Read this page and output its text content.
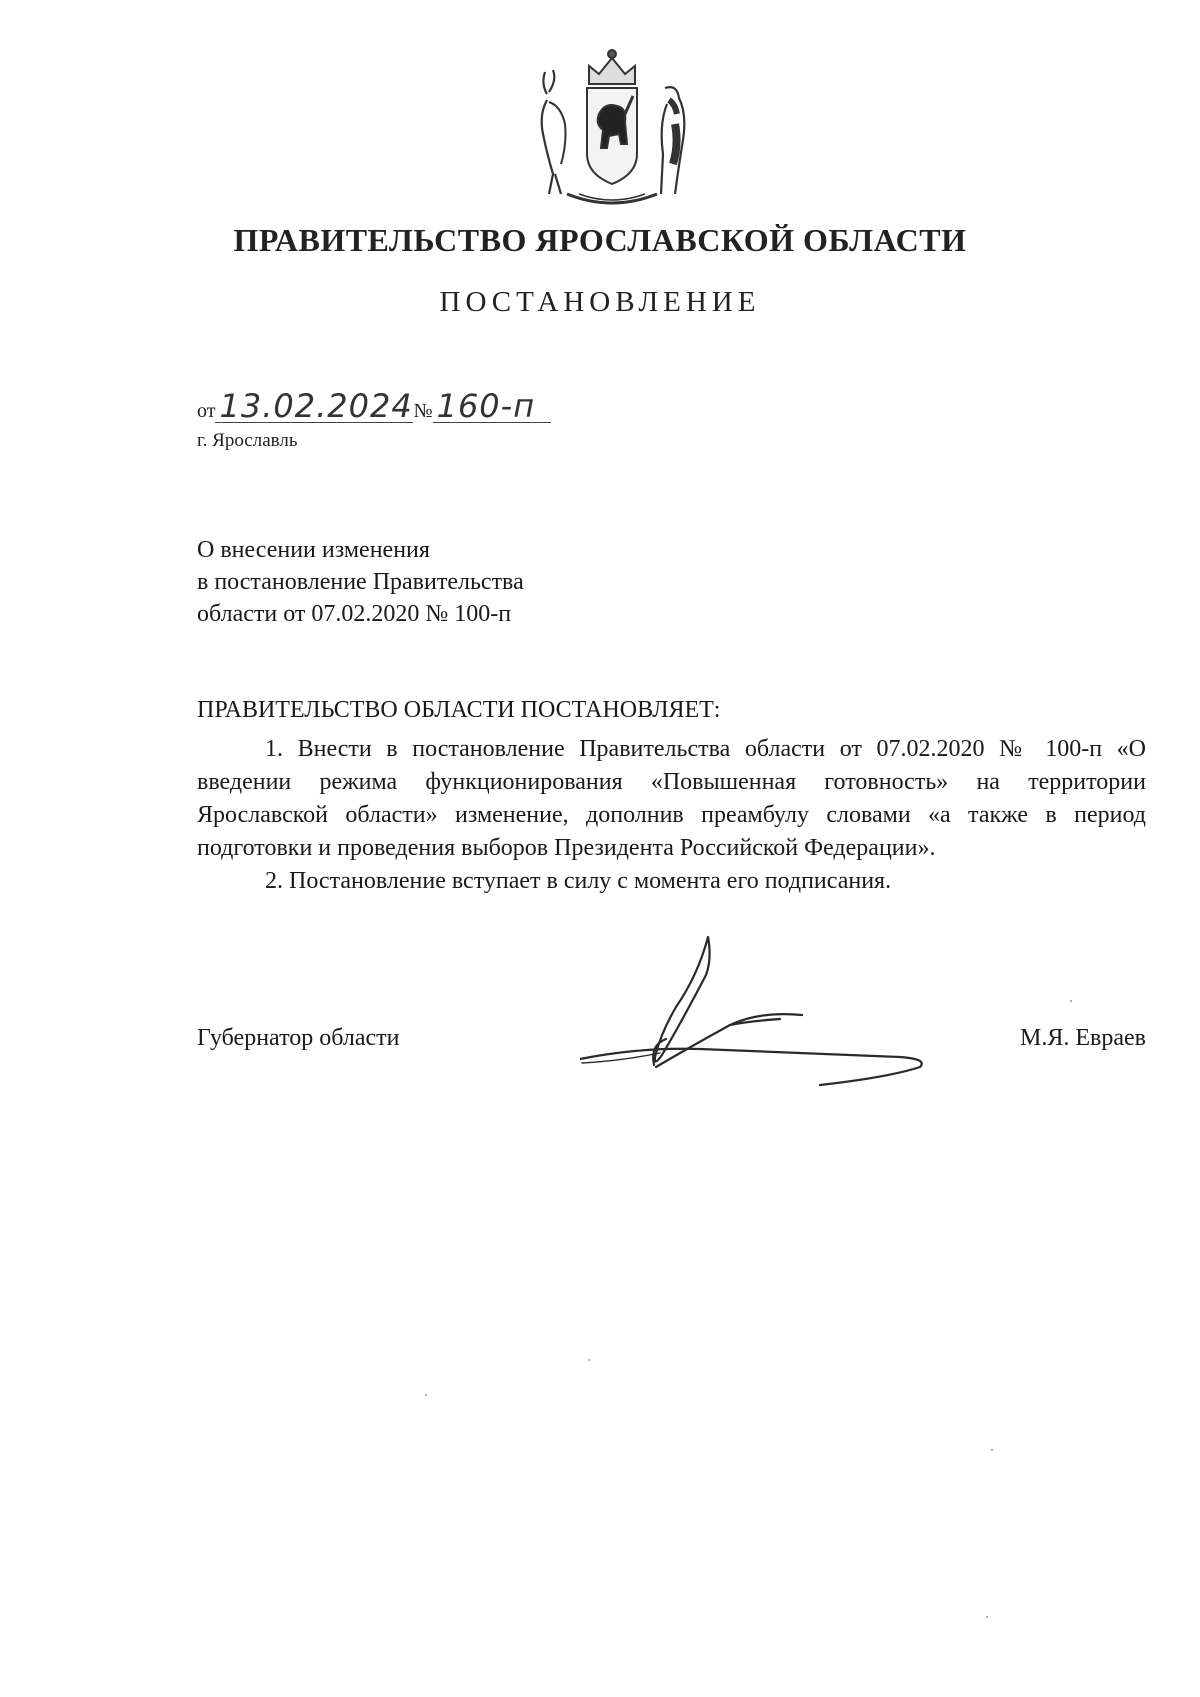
ПРАВИТЕЛЬСТВО ЯРОСЛАВСКОЙ ОБЛАСТИ
ПОСТАНОВЛЕНИЕ
от 13.02.2024№ 160-п
г. Ярославль
О внесении изменения
в постановление Правительства
области от 07.02.2020 № 100-п
ПРАВИТЕЛЬСТВО ОБЛАСТИ ПОСТАНОВЛЯЕТ:

1. Внести в постановление Правительства области от 07.02.2020 № 100-п «О введении режима функционирования «Повышенная готовность» на территории Ярославской области» изменение, дополнив преамбулу словами «а также в период подготовки и проведения выборов Президента Российской Федерации».

2. Постановление вступает в силу с момента его подписания.

Губернатор области	М.Я. Евраев
